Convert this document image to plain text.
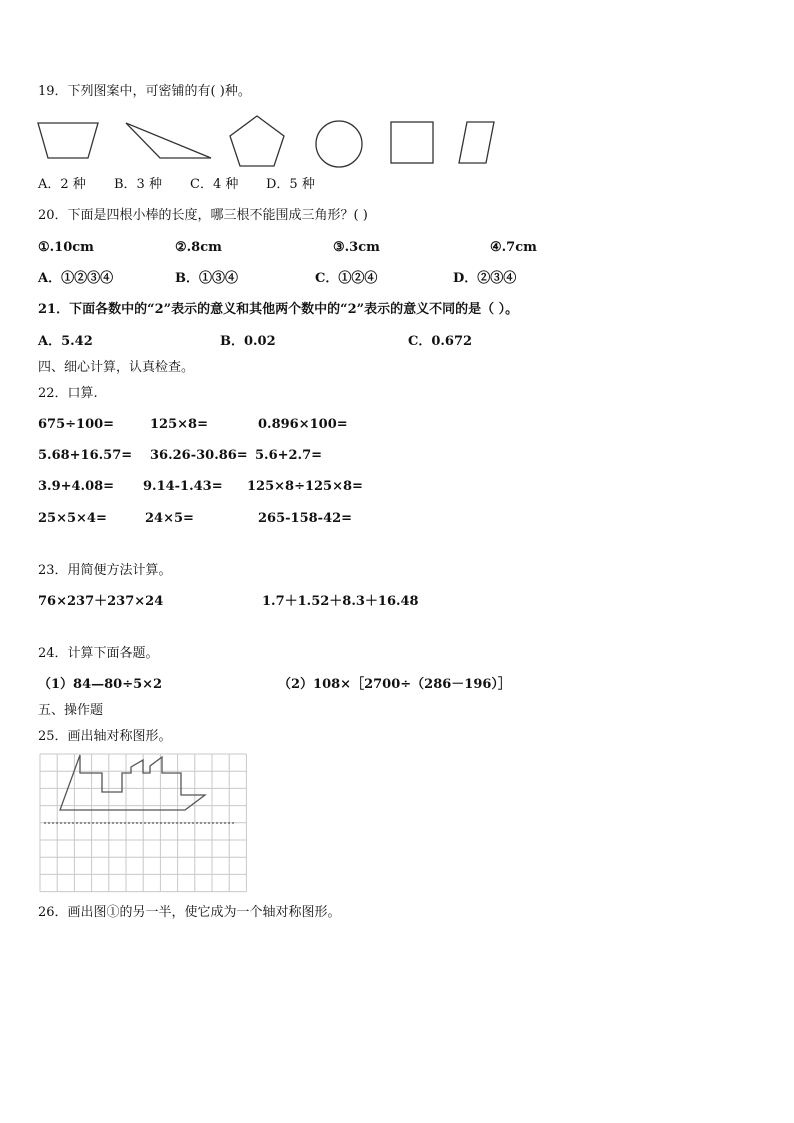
19．下列图案中，可密铺的有( )种。
A．2 种 B．3 种 C．4 种 D．5 种
20．下面是四根小棒的长度，哪三根不能围成三角形？( )
①.10cm	②.8cm	③.3cm	④.7cm
A．①②③④	B．①③④	C．①②④	D．②③④
21．下面各数中的“2”表示的意义和其他两个数中的“2”表示的意义不同的是（ ）。
A．5.42	B．0.02	C．0.672
四、细心计算，认真检查。
22．口算.
675÷100=	125×8=	0.896×100=
5.68+16.57= 36.26-30.86= 5.6+2.7=
3.9+4.08= 9.14-1.43= 125×8÷125×8=
25×5×4=	24×5=	265-158-42=
23．用简便方法计算。
76×237＋237×24	1.7＋1.52＋8.3＋16.48
24．计算下面各题。
（1）84—80÷5×2	（2）108×［2700÷（286－196）］
五、操作题
25．画出轴对称图形。
26．画出图①的另一半，使它成为一个轴对称图形。
